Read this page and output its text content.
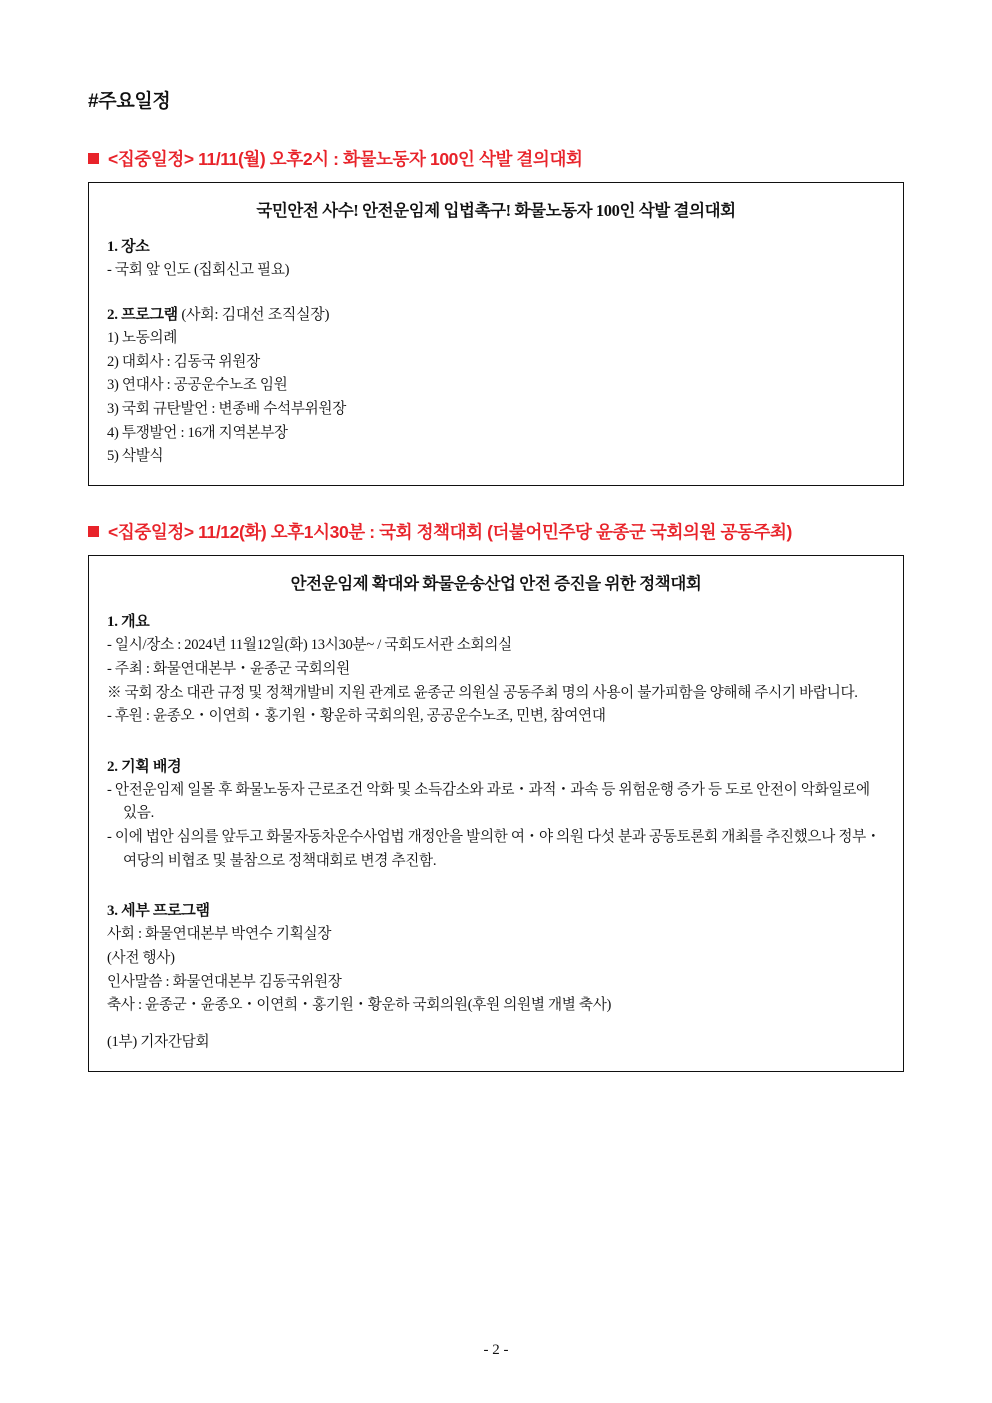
#주요일정
<집중일정> 11/11(월) 오후2시 : 화물노동자 100인 삭발 결의대회
국민안전 사수! 안전운임제 입법촉구! 화물노동자 100인 삭발 결의대회
1. 장소
- 국회 앞 인도 (집회신고 필요)
2. 프로그램 (사회: 김대선 조직실장)
1) 노동의례
2) 대회사 : 김동국 위원장
3) 연대사 : 공공운수노조 임원
3) 국회 규탄발언 : 변종배 수석부위원장
4) 투쟁발언 : 16개 지역본부장
5) 삭발식
<집중일정> 11/12(화) 오후1시30분 : 국회 정책대회 (더불어민주당 윤종군 국회의원 공동주최)
안전운임제 확대와 화물운송산업 안전 증진을 위한 정책대회
1. 개요
- 일시/장소 : 2024년 11월12일(화) 13시30분~ / 국회도서관 소회의실
- 주최 : 화물연대본부・윤종군 국회의원
※ 국회 장소 대관 규정 및 정책개발비 지원 관계로 윤종군 의원실 공동주최 명의 사용이 불가피함을 양해해 주시기 바랍니다.
- 후원 : 윤종오・이연희・홍기원・황운하 국회의원, 공공운수노조, 민변, 참여연대
2. 기획 배경
- 안전운임제 일몰 후 화물노동자 근로조건 악화 및 소득감소와 과로・과적・과속 등 위험운행 증가 등 도로 안전이 악화일로에 있음.
- 이에 법안 심의를 앞두고 화물자동차운수사업법 개정안을 발의한 여・야 의원 다섯 분과 공동토론회 개최를 추진했으나 정부・여당의 비협조 및 불참으로 정책대회로 변경 추진함.
3. 세부 프로그램
사회 : 화물연대본부 박연수 기획실장
(사전 행사)
인사말씀 : 화물연대본부 김동국위원장
축사 : 윤종군・윤종오・이연희・홍기원・황운하 국회의원(후원 의원별 개별 축사)
(1부) 기자간담회
- 2 -
